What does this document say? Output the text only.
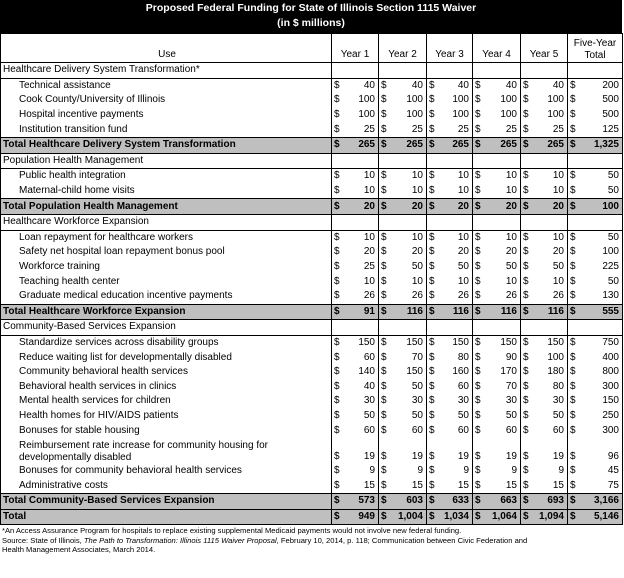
Proposed Federal Funding for State of Illinois Section 1115 Waiver
(in $ millions)
Use	Year 1	Year 2	Year 3	Year 4	Year 5	Five-Year
Total

Healthcare Delivery System Transformation*						
Technical assistance	$ 40	$ 40	$ 40	$ 40	$ 40	$ 200

Cook County/University of Illinois	$ 100	$ 100	$ 100	$ 100	$ 100	$ 500

Hospital incentive payments	$ 100	$ 100	$ 100	$ 100	$ 100	$ 500

Institution transition fund	$ 25	$ 25	$ 25	$ 25	$ 25	$ 125

Total Healthcare Delivery System Transformation	$ 265	$ 265	$ 265	$ 265	$ 265	$ 1,325

Population Health Management						
Public health integration	$ 10	$ 10	$ 10	$ 10	$ 10	$ 50

Maternal-child home visits	$ 10	$ 10	$ 10	$ 10	$ 10	$ 50

Total Population Health Management	$ 20	$ 20	$ 20	$ 20	$ 20	$ 100

Healthcare Workforce Expansion						
Loan repayment for healthcare workers	$ 10	$ 10	$ 10	$ 10	$ 10	$ 50

Safety net hospital loan repayment bonus pool	$ 20	$ 20	$ 20	$ 20	$ 20	$ 100

Workforce training	$ 25	$ 50	$ 50	$ 50	$ 50	$ 225

Teaching health center	$ 10	$ 10	$ 10	$ 10	$ 10	$ 50

Graduate medical education incentive payments	$ 26	$ 26	$ 26	$ 26	$ 26	$ 130

Total Healthcare Workforce Expansion	$ 91	$ 116	$ 116	$ 116	$ 116	$ 555

Community-Based Services Expansion						
Standardize services across disability groups	$ 150	$ 150	$ 150	$ 150	$ 150	$ 750

Reduce waiting list for developmentally disabled	$ 60	$ 70	$ 80	$ 90	$ 100	$ 400

Community behavioral health services	$ 140	$ 150	$ 160	$ 170	$ 180	$ 800

Behavioral health services in clinics	$ 40	$ 50	$ 60	$ 70	$ 80	$ 300

Mental health services for children	$ 30	$ 30	$ 30	$ 30	$ 30	$ 150

Health homes for HIV/AIDS patients	$ 50	$ 50	$ 50	$ 50	$ 50	$ 250

Bonuses for stable housing	$ 60	$ 60	$ 60	$ 60	$ 60	$ 300

Reimbursement rate increase for community housing for developmentally disabled	$ 19	$ 19	$ 19	$ 19	$ 19	$ 96

Bonuses for community behavioral health services	$ 9	$ 9	$ 9	$ 9	$ 9	$ 45

Administrative costs	$ 15	$ 15	$ 15	$ 15	$ 15	$ 75

Total Community-Based Services Expansion	$ 573	$ 603	$ 633	$ 663	$ 693	$ 3,166

Total	$ 949	$ 1,004	$ 1,034	$ 1,064	$ 1,094	$ 5,146
*An Access Assurance Program for hospitals to replace existing supplemental Medicaid payments would not involve new federal funding.
Source: State of Illinois, The Path to Transformation: Illinois 1115 Waiver Proposal, February 10, 2014, p. 118; Communication between Civic Federation and
Health Management Associates, March 2014.
